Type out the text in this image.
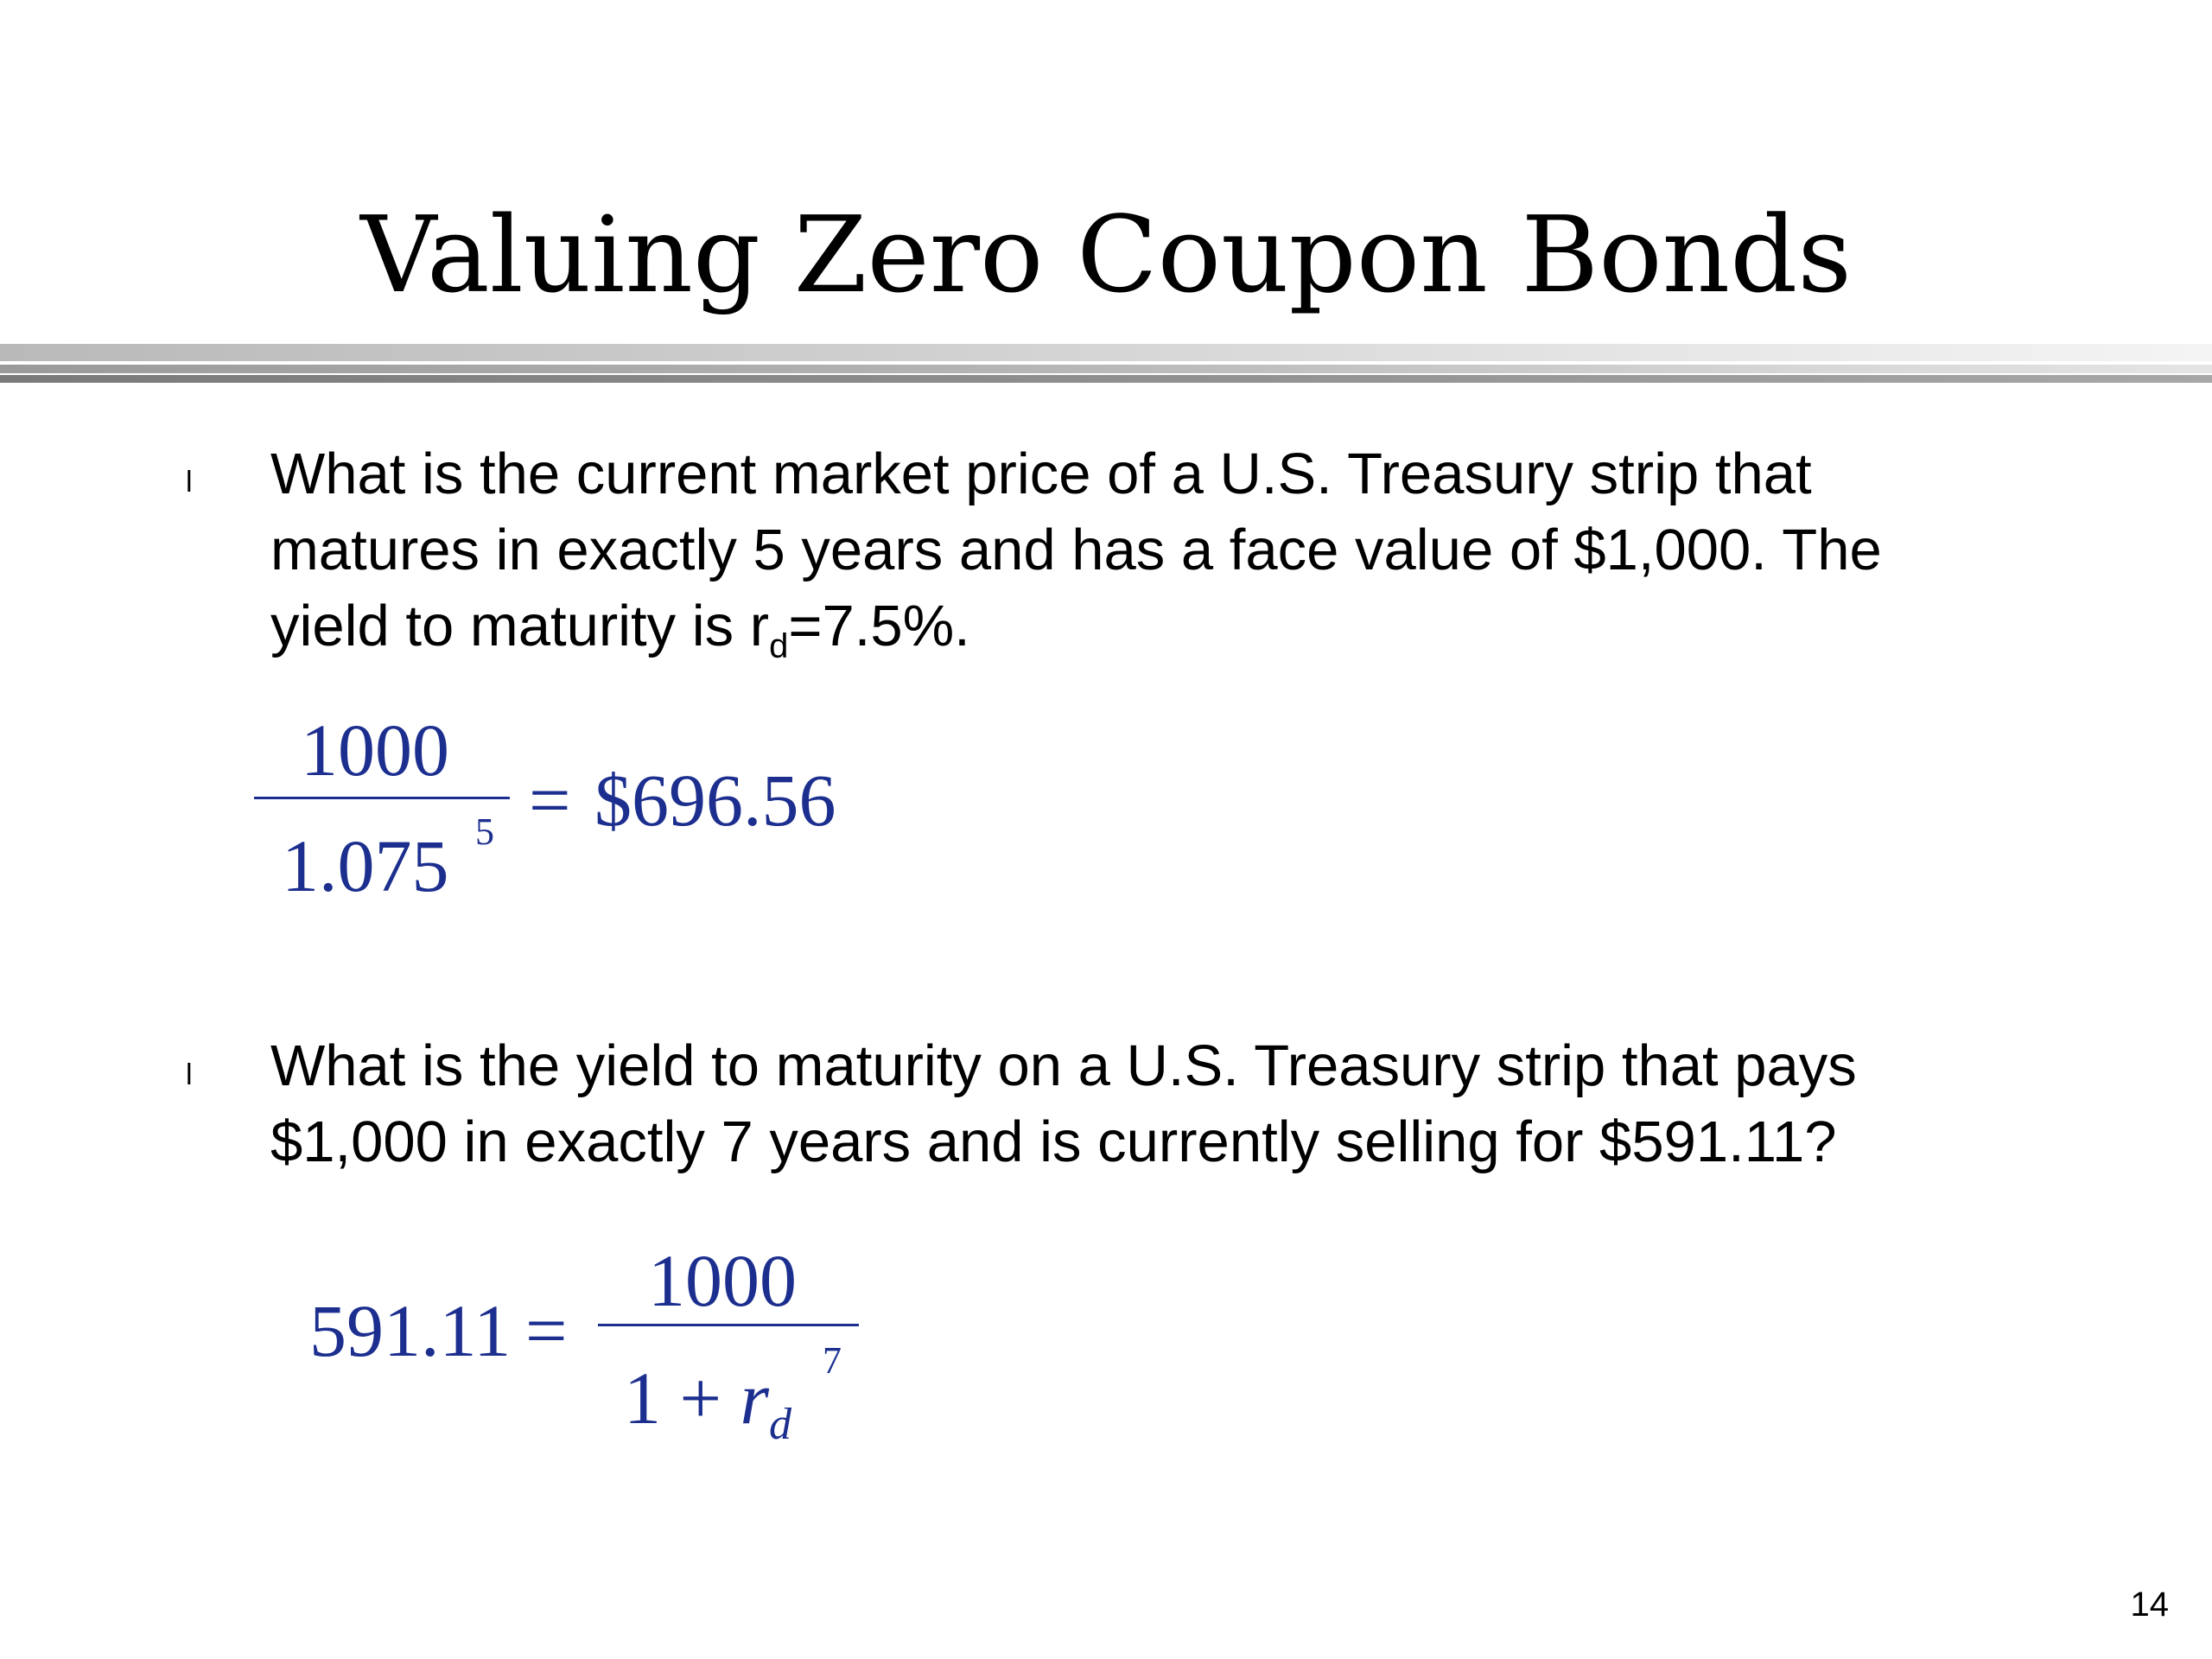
Valuing Zero Coupon Bonds
l What is the current market price of a U.S. Treasury strip that
matures in exactly 5 years and has a face value of $1,000. The
yield to maturity is $r_d=7.5\%$.
1000
1.075 5 = $696.56
l What is the yield to maturity on a U.S. Treasury strip that pays
$1,000 in exactly 7 years and is currently selling for $591.11?
591.11 =
1000
$1 + r_d$
7
14
